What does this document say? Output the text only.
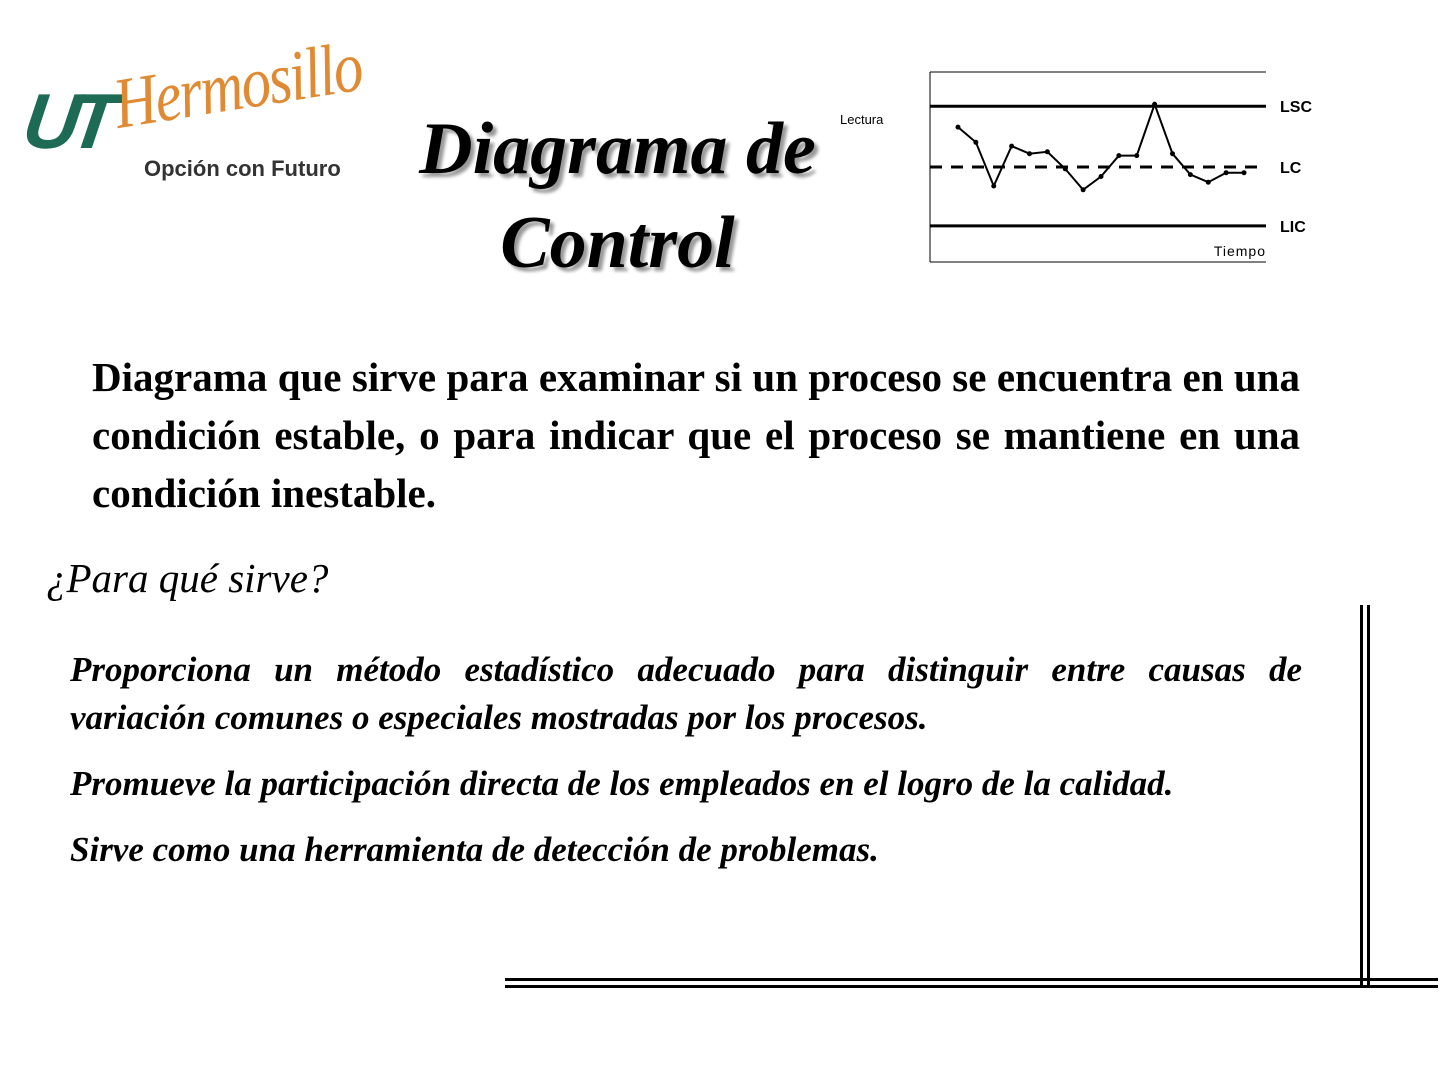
UT
Hermosillo
Opción con Futuro	Diagrama de
Control
Lectura
Tiempo
LSC
LC
LIC

Diagrama que sirve para examinar si un proceso se encuentra en una condición estable, o para indicar que el proceso se mantiene en una condición inestable.

¿Para qué sirve?
Proporciona un método estadístico adecuado para distinguir entre causas de variación comunes o especiales mostradas por los procesos.
Promueve la participación directa de los empleados en el logro de la calidad.
Sirve como una herramienta de detección de problemas.
